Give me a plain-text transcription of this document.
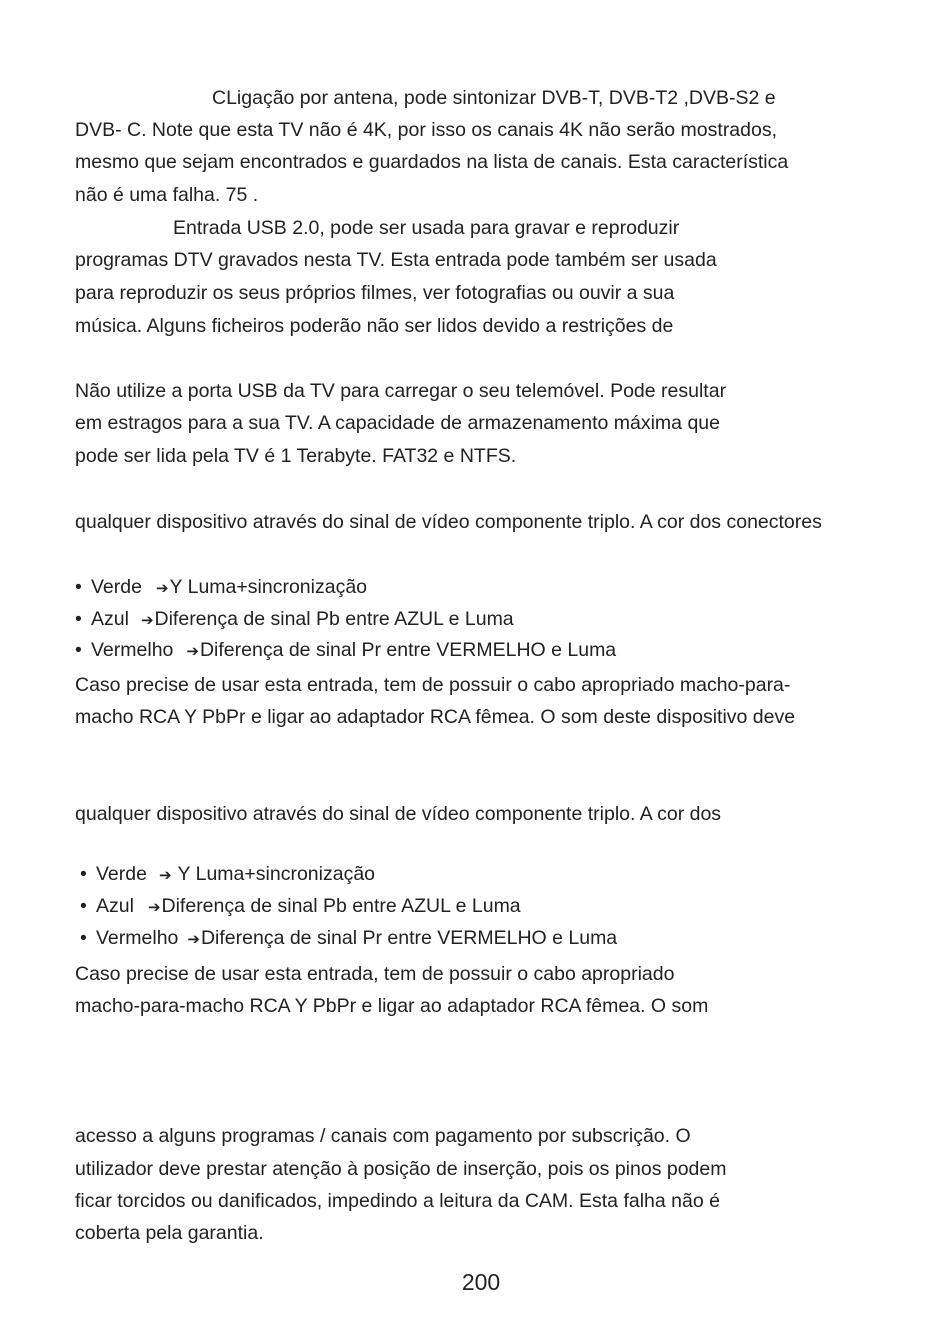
CLigação por antena, pode sintonizar DVB-T, DVB-T2 ,DVB-S2 e
DVB- C. Note que esta TV não é 4K, por isso os canais 4K não serão mostrados,
mesmo que sejam encontrados e guardados na lista de canais. Esta característica
não é uma falha. 75 .
Entrada USB 2.0, pode ser usada para gravar e reproduzir
programas DTV gravados nesta TV. Esta entrada pode também ser usada
para reproduzir os seus próprios filmes, ver fotografias ou ouvir a sua
música. Alguns ficheiros poderão não ser lidos devido a restrições de
Não utilize a porta USB da TV para carregar o seu telemóvel. Pode resultar
em estragos para a sua TV. A capacidade de armazenamento máxima que
pode ser lida pela TV é 1 Terabyte. FAT32 e NTFS.
qualquer dispositivo através do sinal de vídeo componente triplo. A cor dos conectores
• Verde ➔Y Luma+sincronização
• Azul ➔Diferença de sinal Pb entre AZUL e Luma
• Vermelho ➔Diferença de sinal Pr entre VERMELHO e Luma
Caso precise de usar esta entrada, tem de possuir o cabo apropriado macho-para-
macho RCA Y PbPr e ligar ao adaptador RCA fêmea. O som deste dispositivo deve
qualquer dispositivo através do sinal de vídeo componente triplo. A cor dos
• Verde ➔ Y Luma+sincronização
• Azul ➔Diferença de sinal Pb entre AZUL e Luma
• Vermelho ➔Diferença de sinal Pr entre VERMELHO e Luma
Caso precise de usar esta entrada, tem de possuir o cabo apropriado
macho-para-macho RCA Y PbPr e ligar ao adaptador RCA fêmea. O som
acesso a alguns programas / canais com pagamento por subscrição. O
utilizador deve prestar atenção à posição de inserção, pois os pinos podem
ficar torcidos ou danificados, impedindo a leitura da CAM. Esta falha não é
coberta pela garantia.
200
